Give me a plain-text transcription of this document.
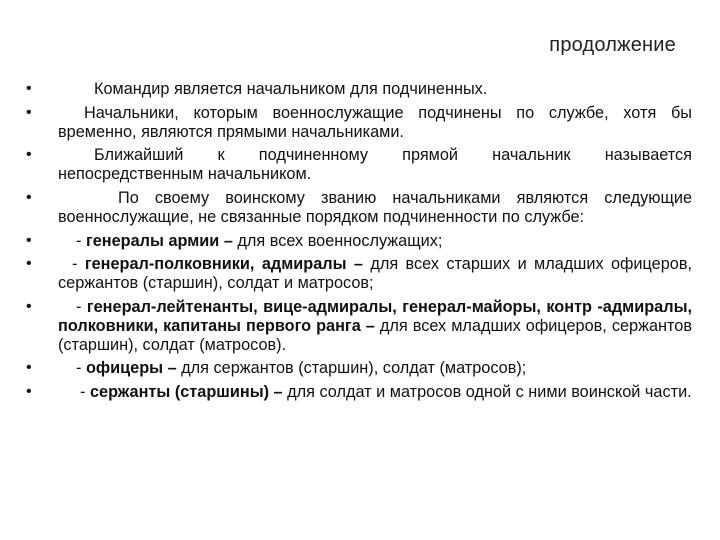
продолжение
•	Командир является начальником для подчиненных.
•	Начальники, которым военнослужащие подчинены по службе, хотя бы временно, являются прямыми начальниками.
•	Ближайший к подчиненному прямой начальник называется непосредственным начальником.
•	По своему воинскому званию начальниками являются следующие военнослужащие, не связанные порядком подчиненности по службе:
•	- генералы армии – для всех военнослужащих;
• - генерал-полковники, адмиралы – для всех старших и младших офицеров, сержантов (старшин), солдат и матросов;
•	- генерал-лейтенанты, вице-адмиралы, генерал-майоры, контр -адмиралы, полковники, капитаны первого ранга – для всех младших офицеров, сержантов (старшин), солдат (матросов).
•	- офицеры – для сержантов (старшин), солдат (матросов);
•	- сержанты (старшины) – для солдат и матросов одной с ними воинской части.
